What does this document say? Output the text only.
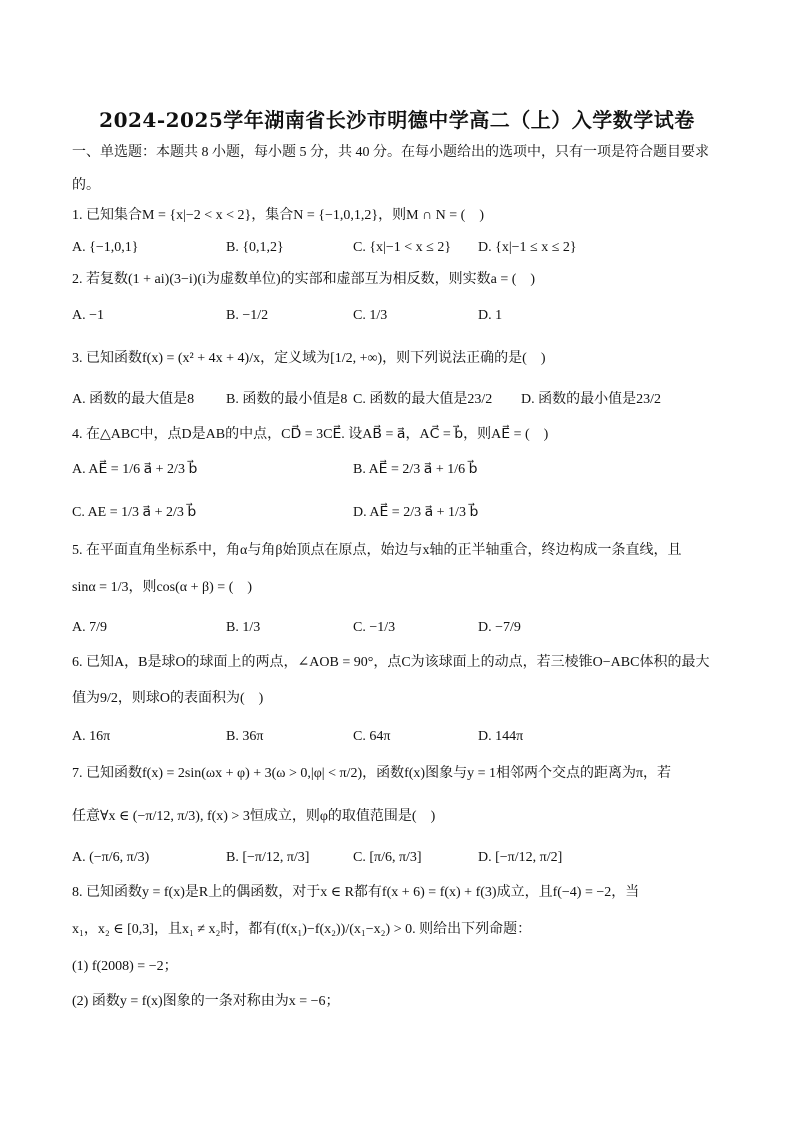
2024-2025学年湖南省长沙市明德中学高二（上）入学数学试卷
一、单选题：本题共 8 小题，每小题 5 分，共 40 分。在每小题给出的选项中，只有一项是符合题目要求
的。
1. 已知集合M = {x|−2 < x < 2}，集合N = {−1,0,1,2}，则M ∩ N = (　)
A. {−1,0,1}	B. {0,1,2}	C. {x|−1 < x ≤ 2} D. {x|−1 ≤ x ≤ 2}
2. 若复数(1 + ai)(3−i)(i为虚数单位)的实部和虚部互为相反数，则实数a = (　)
A. −1	B. −1/2	C. 1/3	D. 1
3. 已知函数f(x) = (x² + 4x + 4)/x，定义域为[1/2, +∞)，则下列说法正确的是(　)
A. 函数的最大值是8 B. 函数的最小值是8 C. 函数的最大值是23/2 D. 函数的最小值是23/2
4. 在△ABC中，点D是AB的中点，CD⃗ = 3CE⃗. 设AB⃗ = a⃗，AC⃗ = b⃗，则AE⃗ = (　)
A. AE⃗ = 1/6 a⃗ + 2/3 b⃗	B. AE⃗ = 2/3 a⃗ + 1/6 b⃗
C. AE = 1/3 a⃗ + 2/3 b⃗	D. AE⃗ = 2/3 a⃗ + 1/3 b⃗
5. 在平面直角坐标系中，角α与角β始顶点在原点，始边与x轴的正半轴重合，终边构成一条直线，且
sinα = 1/3，则cos(α + β) = (　)
A. 7/9	B. 1/3	C. −1/3	D. −7/9
6. 已知A，B是球O的球面上的两点，∠AOB = 90°，点C为该球面上的动点，若三棱锥O−ABC体积的最大
值为9/2，则球O的表面积为(　)
A. 16π	B. 36π	C. 64π	D. 144π
7. 已知函数f(x) = 2sin(ωx + φ) + 3(ω > 0,|φ| < π/2)，函数f(x)图象与y = 1相邻两个交点的距离为π，若
任意∀x ∈ (−π/12, π/3), f(x) > 3恒成立，则φ的取值范围是(　)
A. (−π/6, π/3)	B. [−π/12, π/3]	C. [π/6, π/3]	D. [−π/12, π/2]
8. 已知函数y = f(x)是R上的偶函数，对于x ∈ R都有f(x + 6) = f(x) + f(3)成立，且f(−4) = −2，当
x₁，x₂ ∈ [0,3]，且x₁ ≠ x₂时，都有(f(x₁)−f(x₂))/(x₁−x₂) > 0. 则给出下列命题：
(1) f(2008) = −2；
(2) 函数y = f(x)图象的一条对称由为x = −6；
